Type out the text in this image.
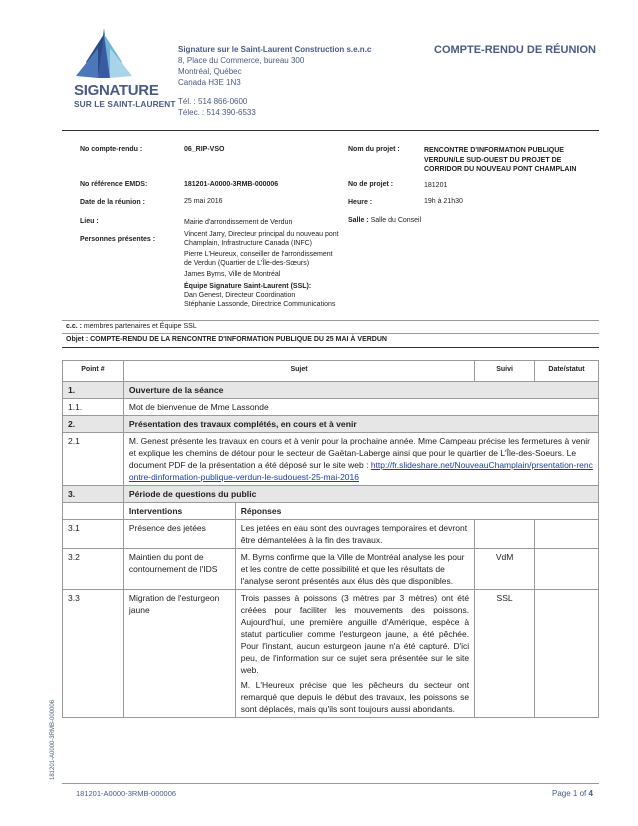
SIGNATURE
SUR LE SAINT-LAURENT
Signature sur le Saint-Laurent Construction s.e.n.c
8, Place du Commerce, bureau 300
Montréal, Québec
Canada H3E 1N3
Tél. : 514 866-0600
Télec. : 514 390-6533
COMPTE-RENDU DE RÉUNION
No compte-rendu :	06_RIP-VSO	Nom du projet :	RENCONTRE D'INFORMATION PUBLIQUE VERDUN/LE SUD-OUEST DU PROJET DE CORRIDOR DU NOUVEAU PONT CHAMPLAIN
No référence EMDS:	181201-A0000-3RMB-000006	No de projet :	181201
Date de la réunion :	25 mai 2016	Heure :	19h à 21h30
Lieu :	Mairie d'arrondissement de Verdun	Salle : Salle du Conseil
Personnes présentes :
Vincent Jarry, Directeur principal du nouveau pont Champlain, Infrastructure Canada (INFC)
Pierre L'Heureux, conseiller de l'arrondissement de Verdun (Quartier de L'Île-des-Sœurs)
James Byrns, Ville de Montréal
Équipe Signature Saint-Laurent (SSL):
Dan Genest, Directeur Coordination
Stéphanie Lassonde, Directrice Communications
c.c. : membres partenaires et Équipe SSL
Objet : COMPTE-RENDU DE LA RENCONTRE D'INFORMATION PUBLIQUE DU 25 MAI À VERDUN
Point #	Sujet		Suivi	Date/statut
1.	Ouverture de la séance			
1.1.	Mot de bienvenue de Mme Lassonde			
2.	Présentation des travaux complétés, en cours et à venir			
2.1	M. Genest présente les travaux en cours et à venir pour la prochaine année. Mme Campeau précise les fermetures à venir et explique les chemins de détour pour le secteur de Gaëtan-Laberge ainsi que pour le quartier de L'Île-des-Soeurs. Le document PDF de la présentation a été déposé sur le site web : http://fr.slideshare.net/NouveauChamplain/prsentation-rencontre-dinformation-publique-verdun-le-sudouest-25-mai-2016			
3.	Période de questions du public			
	Interventions	Réponses		
3.1	Présence des jetées	Les jetées en eau sont des ouvrages temporaires et devront être démantelées à la fin des travaux.		
3.2	Maintien du pont de contournement de l'IDS	M. Byrns confirme que la Ville de Montréal analyse les pour et les contre de cette possibilité et que les résultats de l'analyse seront présentés aux élus dès que disponibles.	VdM	
3.3	Migration de l'esturgeon jaune	Trois passes à poissons (3 mètres par 3 mètres) ont été créées pour faciliter les mouvements des poissons. Aujourd'hui, une première anguille d'Amérique, espèce à statut particulier comme l'esturgeon jaune, a été pêchée. Pour l'instant, aucun esturgeon jaune n'a été capturé. D'ici peu, de l'information sur ce sujet sera présentée sur le site web.
M. L'Heureux précise que les pêcheurs du secteur ont remarqué que depuis le début des travaux, les poissons se sont déplacés, mais qu'ils sont toujours aussi abondants.	SSL	
181201-A0000-3RMB-000006	Page 1 of 4
181201-A0000-3RMB-000006
